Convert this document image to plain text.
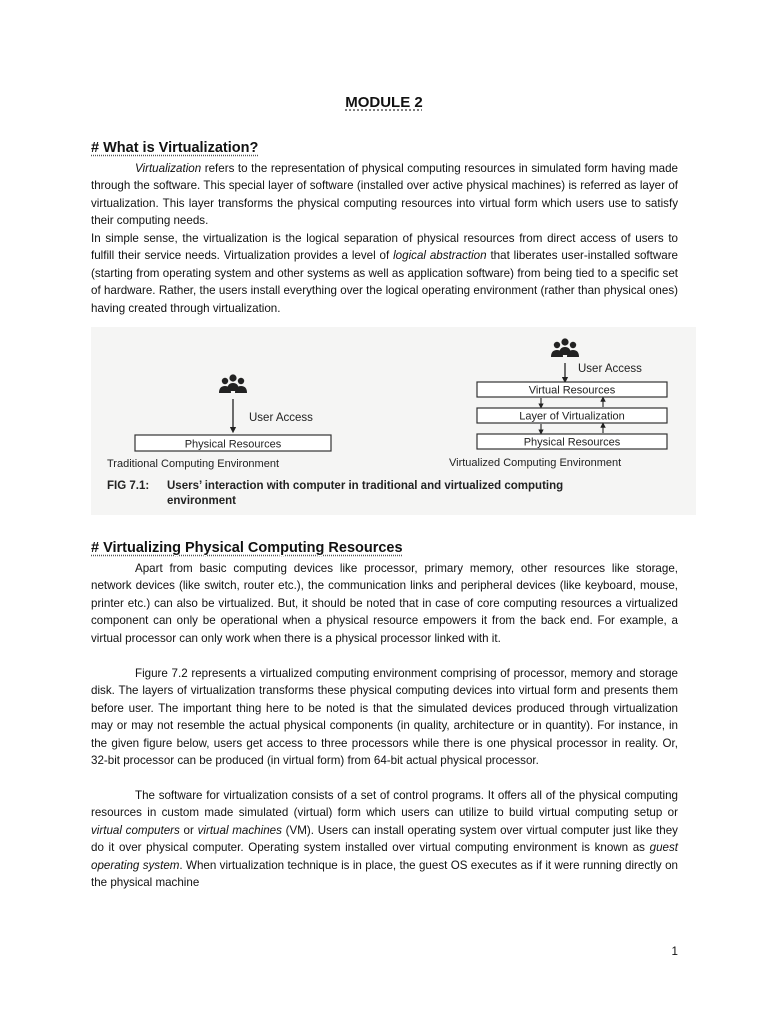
MODULE 2
# What is Virtualization?

Virtualization refers to the representation of physical computing resources in simulated form having made through the software. This special layer of software (installed over active physical machines) is referred as layer of virtualization. This layer transforms the physical computing resources into virtual form which users use to satisfy their computing needs.

In simple sense, the virtualization is the logical separation of physical resources from direct access of users to fulfill their service needs. Virtualization provides a level of logical abstraction that liberates user-installed software (starting from operating system and other systems as well as application software) from being tied to a specific set of hardware. Rather, the users install everything over the logical operating environment (rather than physical ones) having created through virtualization.

User Access
Physical Resources
Traditional Computing Environment
User Access
Virtual Resources
Layer of Virtualization
Physical Resources
Virtualized Computing Environment
FIG 7.1: Users’ interaction with computer in traditional and virtualized computing
environment
# Virtualizing Physical Computing Resources

Apart from basic computing devices like processor, primary memory, other resources like storage, network devices (like switch, router etc.), the communication links and peripheral devices (like keyboard, mouse, printer etc.) can also be virtualized. But, it should be noted that in case of core computing resources a virtualized component can only be operational when a physical resource empowers it from the back end. For example, a virtual processor can only work when there is a physical processor linked with it.

Figure 7.2 represents a virtualized computing environment comprising of processor, memory and storage disk. The layers of virtualization transforms these physical computing devices into virtual form and presents them before user. The important thing here to be noted is that the simulated devices produced through virtualization may or may not resemble the actual physical components (in quality, architecture or in quantity). For instance, in the given figure below, users get access to three processors while there is one physical processor in reality. Or, 32-bit processor can be produced (in virtual form) from 64-bit actual physical processor.

The software for virtualization consists of a set of control programs. It offers all of the physical computing resources in custom made simulated (virtual) form which users can utilize to build virtual computing setup or virtual computers or virtual machines (VM). Users can install operating system over virtual computer just like they do it over physical computer. Operating system installed over virtual computing environment is known as guest operating system. When virtualization technique is in place, the guest OS executes as if it were running directly on the physical machine

1
